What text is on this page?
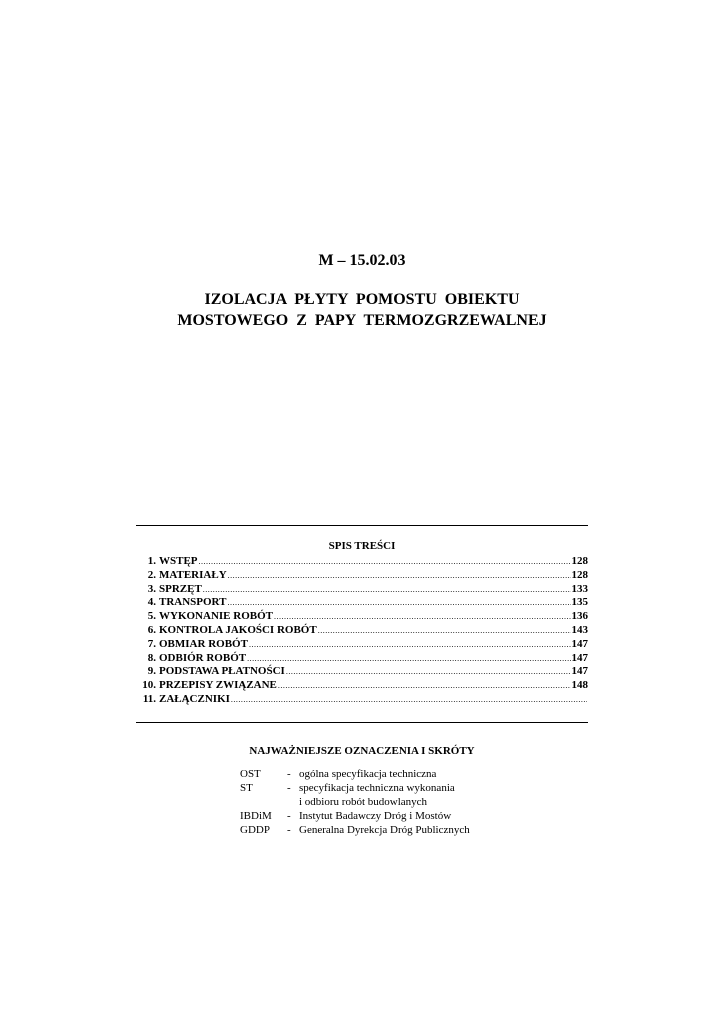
M – 15.02.03
IZOLACJA PŁYTY POMOSTU OBIEKTU
MOSTOWEGO Z PAPY TERMOZGRZEWALNEJ
SPIS TREŚCI
1. WSTĘP .....	128
2. MATERIAŁY .....	128
3. SPRZĘT .....	133
4. TRANSPORT .....	135
5. WYKONANIE ROBÓT .....	136
6. KONTROLA JAKOŚCI ROBÓT .....	143
7. OBMIAR ROBÓT .....	147
8. ODBIÓR ROBÓT .....	147
9. PODSTAWA PŁATNOŚCI .....	147
10. PRZEPISY ZWIĄZANE .....	148
11. ZAŁĄCZNIKI
.....
NAJWAŻNIEJSZE OZNACZENIA I SKRÓTY
OST	- ogólna specyfikacja techniczna
ST	- specyfikacja techniczna wykonania
i odbioru robót budowlanych
IBDiM	- Instytut Badawczy Dróg i Mostów
GDDP	- Generalna Dyrekcja Dróg Publicznych
